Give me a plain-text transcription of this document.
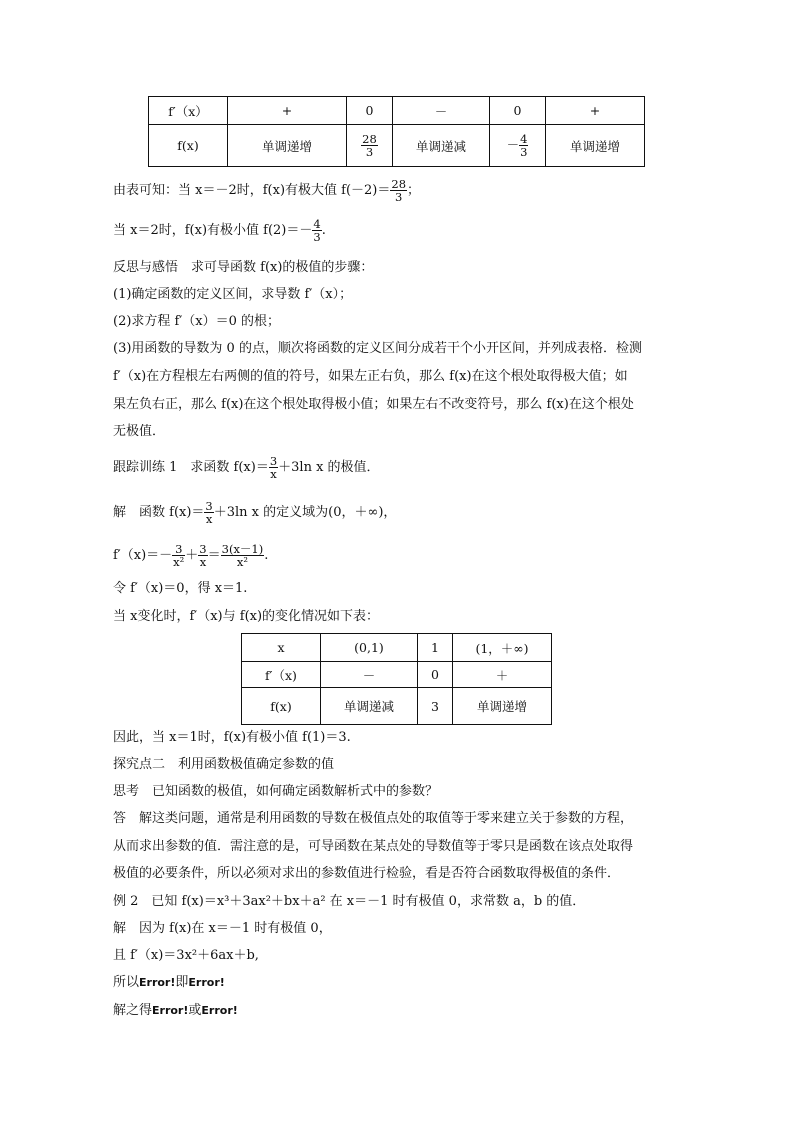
f′（x）	+	0	－	0	+
f(x)	单调递增	$\frac{28}{3}$	单调递减	－ $\frac{4}{3}$	单调递增
由表可知：当 x＝－2时，f(x)有极大值 $f(-2)= \frac{28}{3}$ ；
当 x＝2时，f(x)有极小值 $f(2)=- \frac{4}{3}$ .
反思与感悟　求可导函数 f(x)的极值的步骤：
(1)确定函数的定义区间，求导数 f′（x）；
(2)求方程 f′（x）＝0 的根；
(3)用函数的导数为 0 的点，顺次将函数的定义区间分成若干个小开区间，并列成表格．检测
f′（x)在方程根左右两侧的值的符号，如果左正右负，那么 f(x)在这个根处取得极大值；如
果左负右正，那么 f(x)在这个根处取得极小值；如果左右不改变符号，那么 f(x)在这个根处
无极值．
跟踪训练 1　求函数 $f(x)= \frac{3}{x} +3\ln$ x 的极值．
解　函数 $f(x)= \frac{3}{x} +3\ln$ x 的定义域为(0，＋∞)，
$f'(x)=- \frac{3}{\text{x²}} + \frac{3}{x} = \frac{3(x-1)}{\text{x²}}$ .
令 f′（x)＝0，得 x＝1.
当 x变化时，f′（x)与 f(x)的变化情况如下表：
x	(0,1)	1	(1，＋∞)
f′（x)	－	0	＋
f(x)	单调递减	3	单调递增
因此，当 x＝1时，f(x)有极小值 f(1)＝3.
探究点二　利用函数极值确定参数的值
思考　已知函数的极值，如何确定函数解析式中的参数？
答　解这类问题，通常是利用函数的导数在极值点处的取值等于零来建立关于参数的方程，
从而求出参数的值．需注意的是，可导函数在某点处的导数值等于零只是函数在该点处取得
极值的必要条件，所以必须对求出的参数值进行检验，看是否符合函数取得极值的条件．
例 2　已知 f(x)＝x³＋3ax²＋bx＋a² 在 x＝－1 时有极值 0，求常数 a，b 的值．
解　因为 f(x)在 x＝－1 时有极值 0，
且 f′（x)＝3x²＋6ax＋b,
所以Error!即Error!
解之得Error!或Error!
